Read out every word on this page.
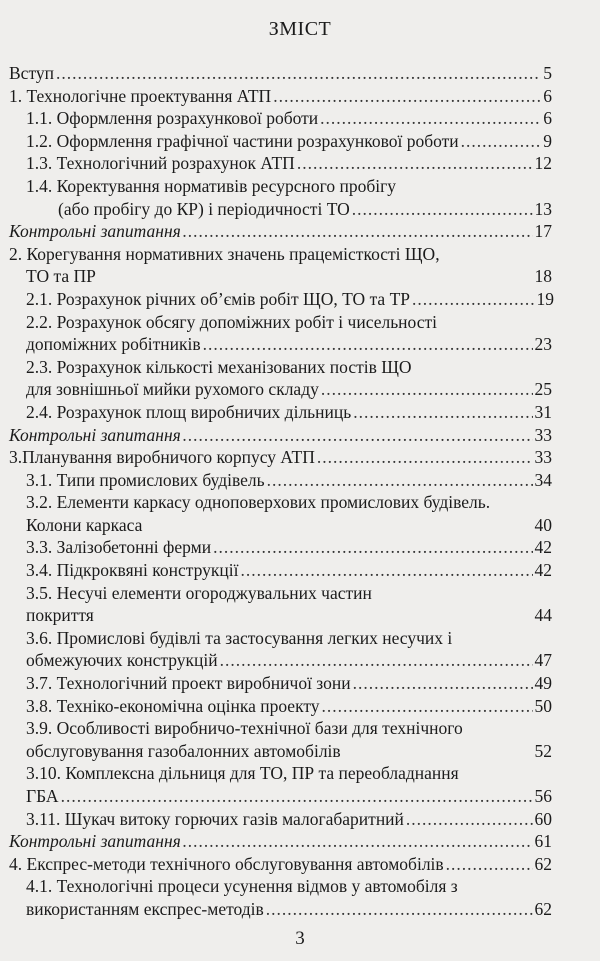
ЗМІСТ
Вступ .....	5
1. Технологічне проектування АТП .....	6
1.1. Оформлення розрахункової роботи .....	6
1.2. Оформлення графічної частини розрахункової роботи .....	9
1.3. Технологічний розрахунок АТП .....	12
1.4. Коректування нормативів ресурсного пробігу
(або пробігу до КР) і періодичності ТО .....	13
Контрольні запитання .....	17
2. Корегування нормативних значень працемісткості ЩО,
ТО та ПР	18
2.1. Розрахунок річних об’ємів робіт ЩО, ТО та ТР .....	19
2.2. Розрахунок обсягу допоміжних робіт і чисельності
допоміжних робітників .....	23
2.3. Розрахунок кількості механізованих постів ЩО
для зовнішньої мийки рухомого складу .....	25
2.4. Розрахунок площ виробничих дільниць .....	31
Контрольні запитання .....	33
3.Планування виробничого корпусу АТП .....	33
3.1. Типи промислових будівель .....	34
3.2. Елементи каркасу одноповерхових промислових будівель.
Колони каркаса	40
3.3. Залізобетонні ферми .....	42
3.4. Підкроквяні конструкції .....	42
3.5. Несучі елементи огороджувальних частин
покриття	44
3.6. Промислові будівлі та застосування легких несучих і
обмежуючих конструкцій .....	47
3.7. Технологічний проект виробничої зони .....	49
3.8. Техніко-економічна оцінка проекту .....	50
3.9. Особливості виробничо-технічної бази для технічного
обслуговування газобалонних автомобілів	52
3.10. Комплексна дільниця для ТО, ПР та переобладнання
ГБА .....	56
3.11. Шукач витоку горючих газів малогабаритний .....	60
Контрольні запитання .....	61
4. Експрес-методи технічного обслуговування автомобілів .....	62
4.1. Технологічні процеси усунення відмов у автомобіля з
використанням експрес-методів .....	62
3
